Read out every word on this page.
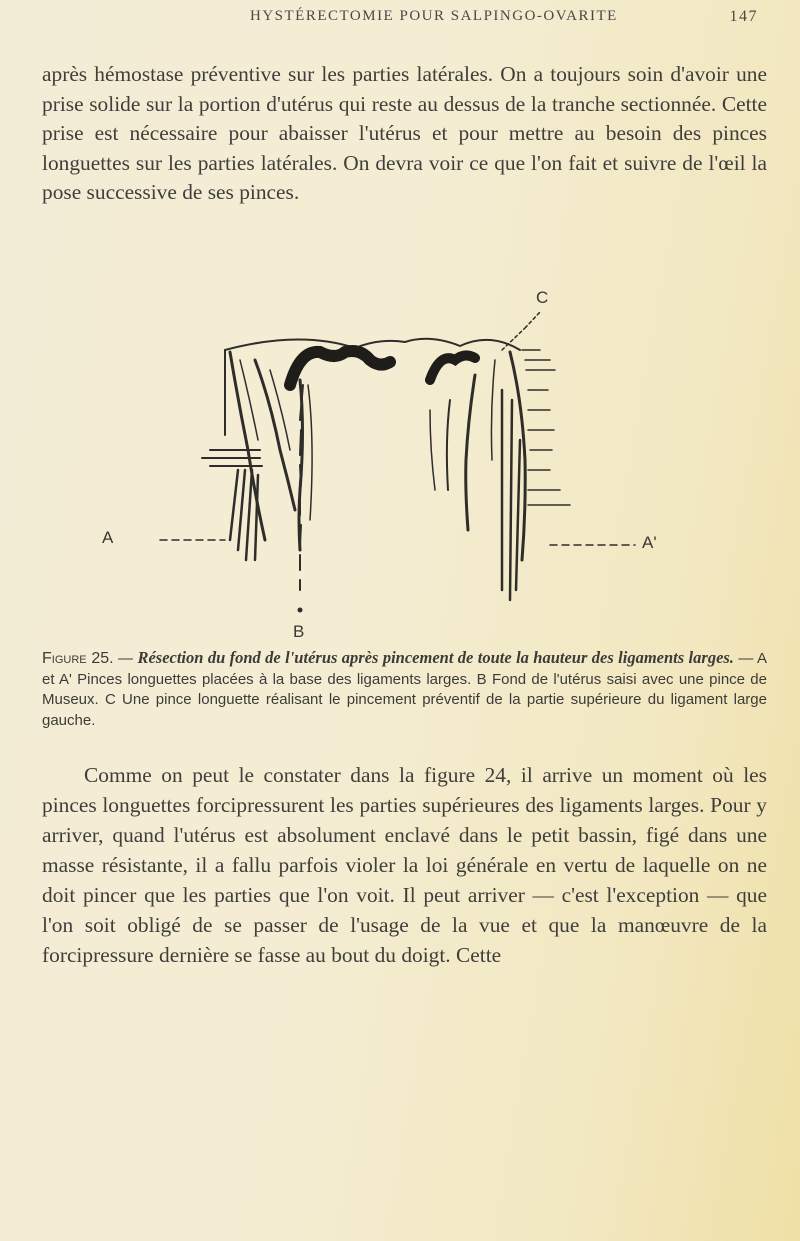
HYSTÉRECTOMIE POUR SALPINGO-OVARITE	147
après hémostase préventive sur les parties latérales. On a toujours soin d'avoir une prise solide sur la portion d'utérus qui reste au dessus de la tranche sectionnée. Cette prise est nécessaire pour abaisser l'utérus et pour mettre au besoin des pinces longuettes sur les parties latérales. On devra voir ce que l'on fait et suivre de l'œil la pose successive de ses pinces.
A	A'
B
C
Figure 25. — Résection du fond de l'utérus après pincement de toute la hauteur des ligaments larges. — A et A' Pinces longuettes placées à la base des ligaments larges. B Fond de l'utérus saisi avec une pince de Museux. C Une pince longuette réalisant le pincement préventif de la partie supérieure du ligament large gauche.
Comme on peut le constater dans la figure 24, il arrive un moment où les pinces longuettes forcipressurent les parties supérieures des ligaments larges. Pour y arriver, quand l'utérus est absolument enclavé dans le petit bassin, figé dans une masse résistante, il a fallu parfois violer la loi générale en vertu de laquelle on ne doit pincer que les parties que l'on voit. Il peut arriver — c'est l'exception — que l'on soit obligé de se passer de l'usage de la vue et que la manœuvre de la forcipressure dernière se fasse au bout du doigt. Cette
